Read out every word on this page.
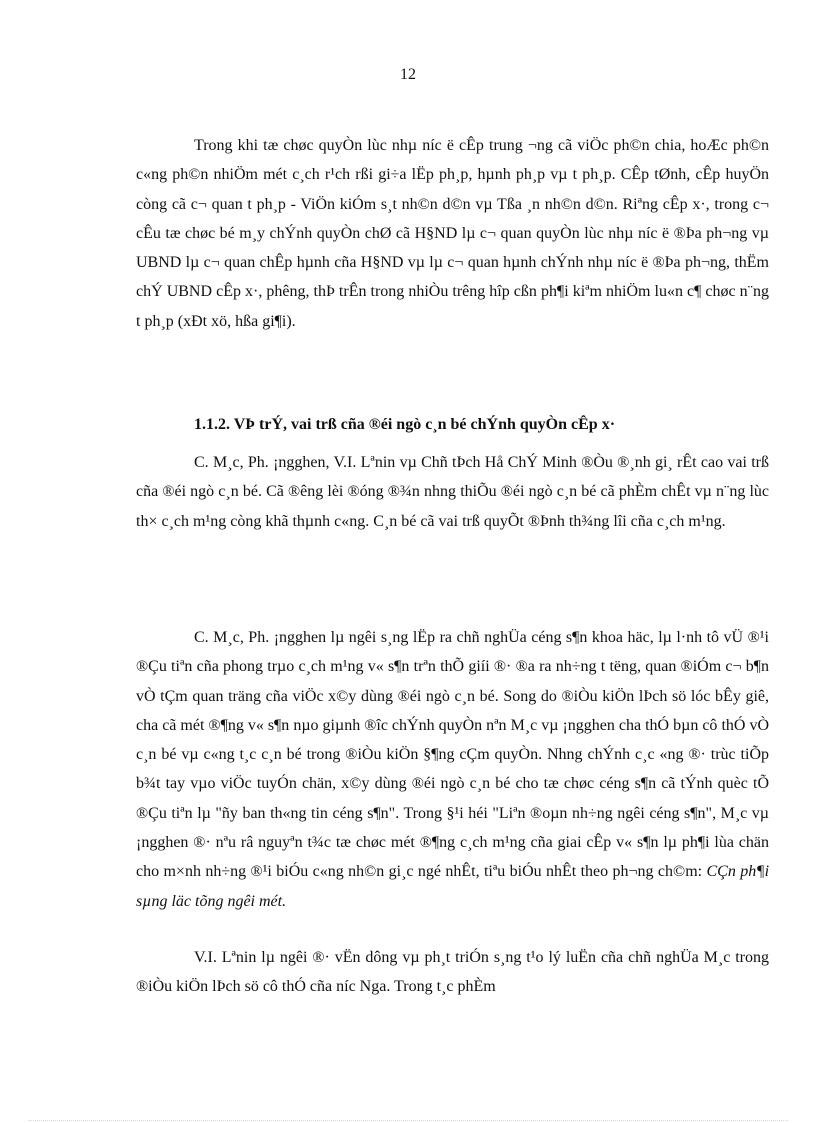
12

Trong khi tæ chøc quyÒn lùc nhµ níc ë cÊp trung ¬ng cã viÖc ph©n chia, hoÆc ph©n c«ng ph©n nhiÖm mét c¸ch r¹ch rßi gi÷a lËp ph¸p, hµnh ph¸p vµ t ph¸p. CÊp tØnh, cÊp huyÖn còng cã c¬ quan t ph¸p - ViÖn kiÓm s¸t nh©n d©n vµ Tßa ¸n nh©n d©n. Riªng cÊp x·, trong c¬ cÊu tæ chøc bé m¸y chÝnh quyÒn chØ cã H§ND lµ c¬ quan quyÒn lùc nhµ níc ë ®Þa ph¬ng vµ UBND lµ c¬ quan chÊp hµnh cña H§ND vµ lµ c¬ quan hµnh chÝnh nhµ níc ë ®Þa ph¬ng, thËm chÝ UBND cÊp x·, phêng, thÞ trÊn trong nhiÒu trêng hîp cßn ph¶i kiªm nhiÖm lu«n c¶ chøc n¨ng t ph¸p (xÐt xö, hßa gi¶i).

1.1.2. VÞ trÝ, vai trß cña ®éi ngò c¸n bé chÝnh quyÒn cÊp x·

C. M¸c, Ph. ¡ngghen, V.I. Lªnin vµ Chñ tÞch Hå ChÝ Minh ®Òu ®¸nh gi¸ rÊt cao vai trß cña ®éi ngò c¸n bé. Cã ®êng lèi ®óng ®¾n nhng thiÕu ®éi ngò c¸n bé cã phÈm chÊt vµ n¨ng lùc th× c¸ch m¹ng còng khã thµnh c«ng. C¸n bé cã vai trß quyÕt ®Þnh th¾ng lîi cña c¸ch m¹ng.

C. M¸c, Ph. ¡ngghen lµ ngêi s¸ng lËp ra chñ nghÜa céng s¶n khoa häc, lµ l·nh tô vÜ ®¹i ®Çu tiªn cña phong trµo c¸ch m¹ng v« s¶n trªn thÕ giíi ®· ®a ra nh÷ng t tëng, quan ®iÓm c¬ b¶n vÒ tÇm quan träng cña viÖc x©y dùng ®éi ngò c¸n bé. Song do ®iÒu kiÖn lÞch sö lóc bÊy giê, cha cã mét ®¶ng v« s¶n nµo giµnh ®îc chÝnh quyÒn nªn M¸c vµ ¡ngghen cha thÓ bµn cô thÓ vÒ c¸n bé vµ c«ng t¸c c¸n bé trong ®iÒu kiÖn §¶ng cÇm quyÒn. Nhng chÝnh c¸c «ng ®· trùc tiÕp b¾t tay vµo viÖc tuyÓn chän, x©y dùng ®éi ngò c¸n bé cho tæ chøc céng s¶n cã tÝnh quèc tÕ ®Çu tiªn lµ "ñy ban th«ng tin céng s¶n". Trong §¹i héi "Liªn ®oµn nh÷ng ngêi céng s¶n", M¸c vµ ¡ngghen ®· nªu râ nguyªn t¾c tæ chøc mét ®¶ng c¸ch m¹ng cña giai cÊp v« s¶n lµ ph¶i lùa chän cho m×nh nh÷ng ®¹i biÓu c«ng nh©n gi¸c ngé nhÊt, tiªu biÓu nhÊt theo ph¬ng ch©m: CÇn ph¶i sµng läc tõng ngêi mét.

V.I. Lªnin lµ ngêi ®· vËn dông vµ ph¸t triÓn s¸ng t¹o lý luËn cña chñ nghÜa M¸c trong ®iÒu kiÖn lÞch sö cô thÓ cña níc Nga. Trong t¸c phÈm
